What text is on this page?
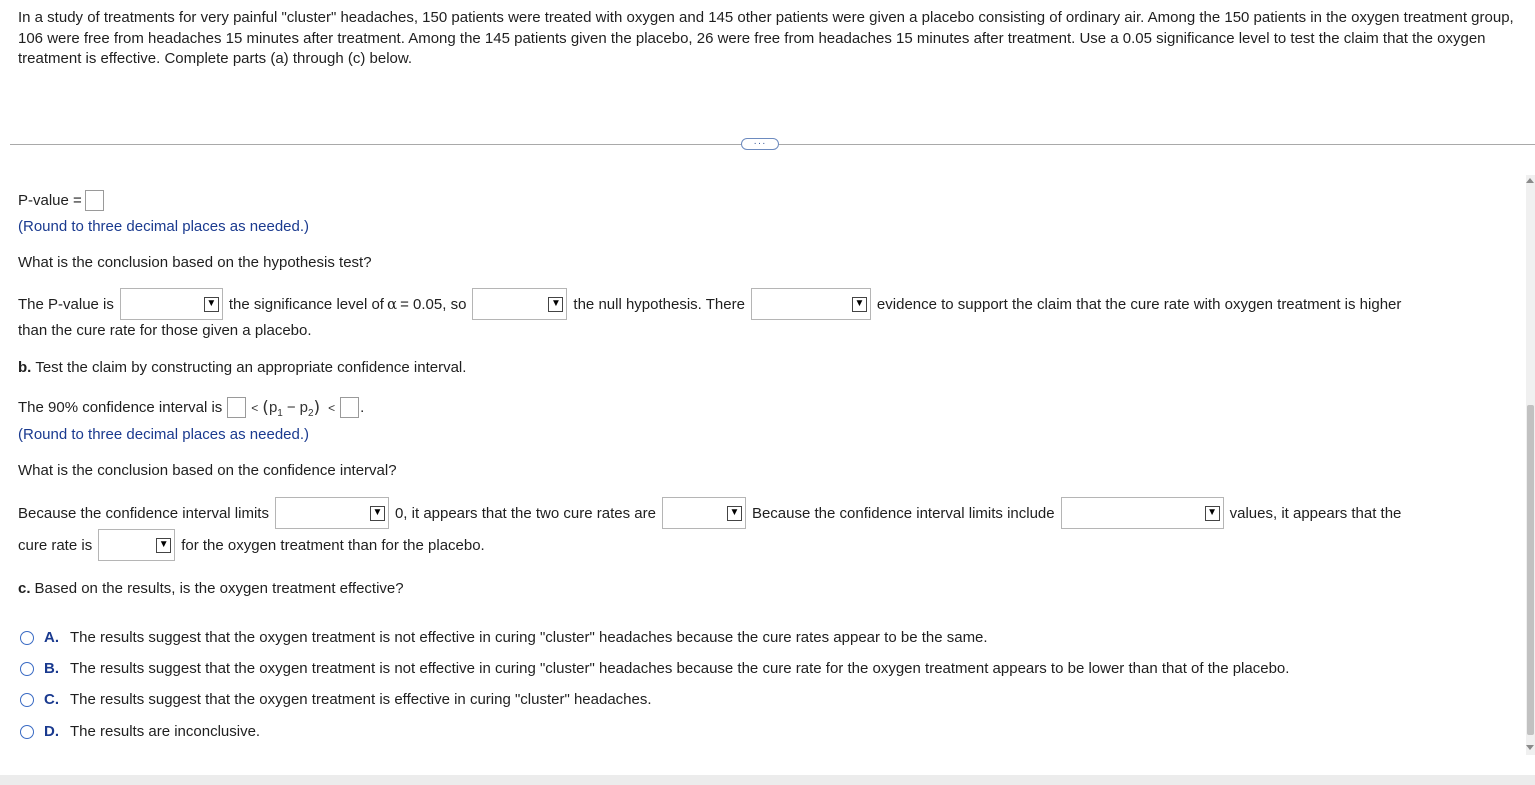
In a study of treatments for very painful "cluster" headaches, 150 patients were treated with oxygen and 145 other patients were given a placebo consisting of ordinary air. Among the 150 patients in the oxygen treatment group, 106 were free from headaches 15 minutes after treatment. Among the 145 patients given the placebo, 26 were free from headaches 15 minutes after treatment. Use a 0.05 significance level to test the claim that the oxygen treatment is effective. Complete parts (a) through (c) below.

···
P-value =
(Round to three decimal places as needed.)
What is the conclusion based on the hypothesis test?
The P-value is	▼ the significance level of α = 0.05, so	▼ the null hypothesis. There	▼ evidence to support the claim that the cure rate with oxygen treatment is higher
than the cure rate for those given a placebo.
b. Test the claim by constructing an appropriate confidence interval.
The 90% confidence interval is < ( $p_1 - p_2$ ) < .
(Round to three decimal places as needed.)
What is the conclusion based on the confidence interval?
Because the confidence interval limits	▼ 0, it appears that the two cure rates are	▼ Because the confidence interval limits include	▼ values, it appears that the
cure rate is	▼ for the oxygen treatment than for the placebo.
c. Based on the results, is the oxygen treatment effective?
A. The results suggest that the oxygen treatment is not effective in curing "cluster" headaches because the cure rates appear to be the same.
B. The results suggest that the oxygen treatment is not effective in curing "cluster" headaches because the cure rate for the oxygen treatment appears to be lower than that of the placebo.
C. The results suggest that the oxygen treatment is effective in curing "cluster" headaches.
D. The results are inconclusive.
